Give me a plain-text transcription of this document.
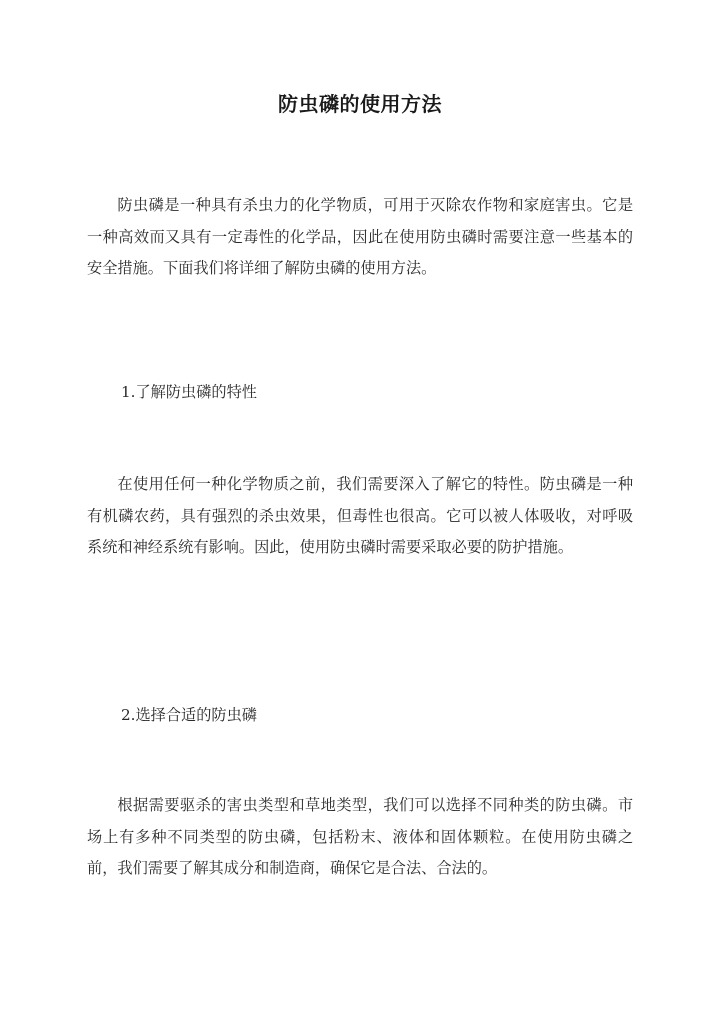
防虫磷的使用方法

防虫磷是一种具有杀虫力的化学物质，可用于灭除农作物和家庭害虫。它是一种高效而又具有一定毒性的化学品，因此在使用防虫磷时需要注意一些基本的安全措施。下面我们将详细了解防虫磷的使用方法。

1.了解防虫磷的特性

在使用任何一种化学物质之前，我们需要深入了解它的特性。防虫磷是一种有机磷农药，具有强烈的杀虫效果，但毒性也很高。它可以被人体吸收，对呼吸系统和神经系统有影响。因此，使用防虫磷时需要采取必要的防护措施。

2.选择合适的防虫磷

根据需要驱杀的害虫类型和草地类型，我们可以选择不同种类的防虫磷。市场上有多种不同类型的防虫磷，包括粉末、液体和固体颗粒。在使用防虫磷之前，我们需要了解其成分和制造商，确保它是合法、合法的。
